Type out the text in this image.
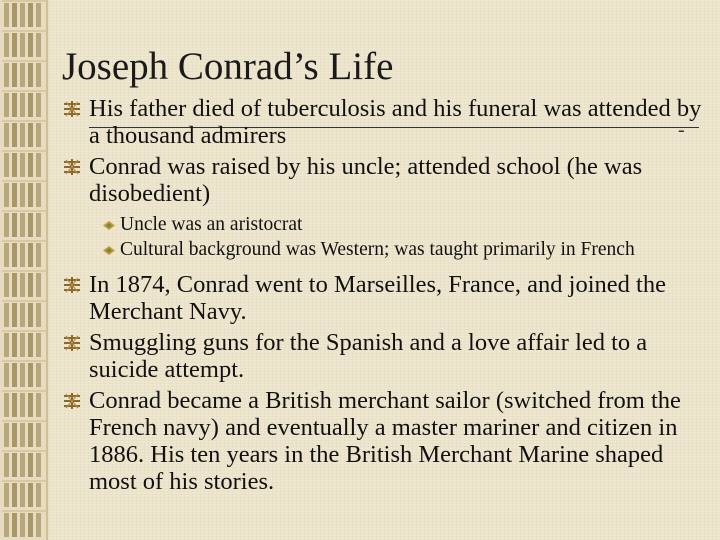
Joseph Conrad’s Life
-
His father died of tuberculosis and his funeral was attended by a thousand admirers
Conrad was raised by his uncle; attended school (he was disobedient)
Uncle was an aristocrat
Cultural background was Western; was taught primarily in French
In 1874, Conrad went to Marseilles, France, and joined the Merchant Navy.
Smuggling guns for the Spanish and a love affair led to a suicide attempt.
Conrad became a British merchant sailor (switched from the French navy) and eventually a master mariner and citizen in 1886. His ten years in the British Merchant Marine shaped most of his stories.
